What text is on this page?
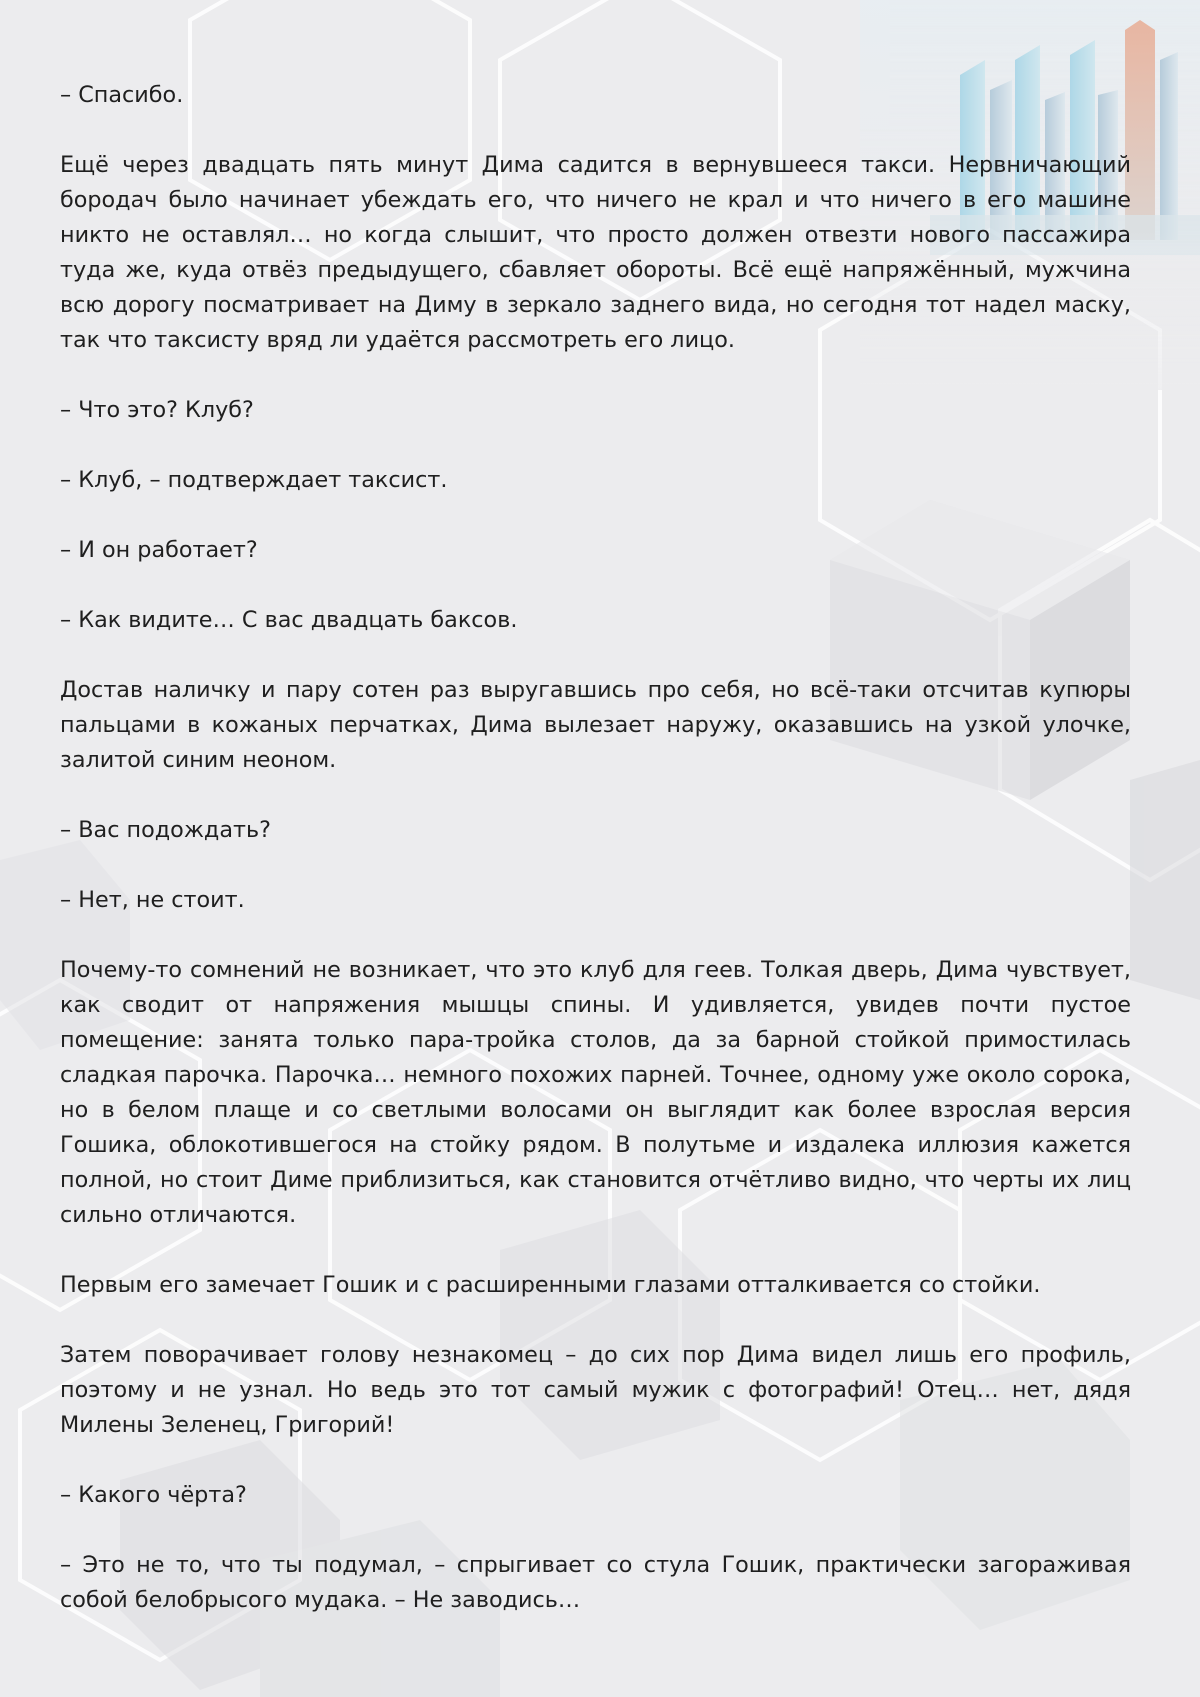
– Спасибо.

Ещё через двадцать пять минут Дима садится в вернувшееся такси. Нервничающий бородач было начинает убеждать его, что ничего не крал и что ничего в его машине никто не оставлял… но когда слышит, что просто должен отвезти нового пассажира туда же, куда отвёз предыдущего, сбавляет обороты. Всё ещё напряжённый, мужчина всю дорогу посматривает на Диму в зеркало заднего вида, но сегодня тот надел маску, так что таксисту вряд ли удаётся рассмотреть его лицо.

– Что это? Клуб?

– Клуб, – подтверждает таксист.

– И он работает?

– Как видите… С вас двадцать баксов.

Достав наличку и пару сотен раз выругавшись про себя, но всё-таки отсчитав купюры пальцами в кожаных перчатках, Дима вылезает наружу, оказавшись на узкой улочке, залитой синим неоном.

– Вас подождать?

– Нет, не стоит.

Почему-то сомнений не возникает, что это клуб для геев. Толкая дверь, Дима чувствует, как сводит от напряжения мышцы спины. И удивляется, увидев почти пустое помещение: занята только пара-тройка столов, да за барной стойкой примостилась сладкая парочка. Парочка… немного похожих парней. Точнее, одному уже около сорока, но в белом плаще и со светлыми волосами он выглядит как более взрослая версия Гошика, облокотившегося на стойку рядом. В полутьме и издалека иллюзия кажется полной, но стоит Диме приблизиться, как становится отчётливо видно, что черты их лиц сильно отличаются.

Первым его замечает Гошик и с расширенными глазами отталкивается со стойки.

Затем поворачивает голову незнакомец – до сих пор Дима видел лишь его профиль, поэтому и не узнал. Но ведь это тот самый мужик с фотографий! Отец… нет, дядя Милены Зеленец, Григорий!

– Какого чёрта?

– Это не то, что ты подумал, – спрыгивает со стула Гошик, практически загораживая собой белобрысого мудака. – Не заводись…
